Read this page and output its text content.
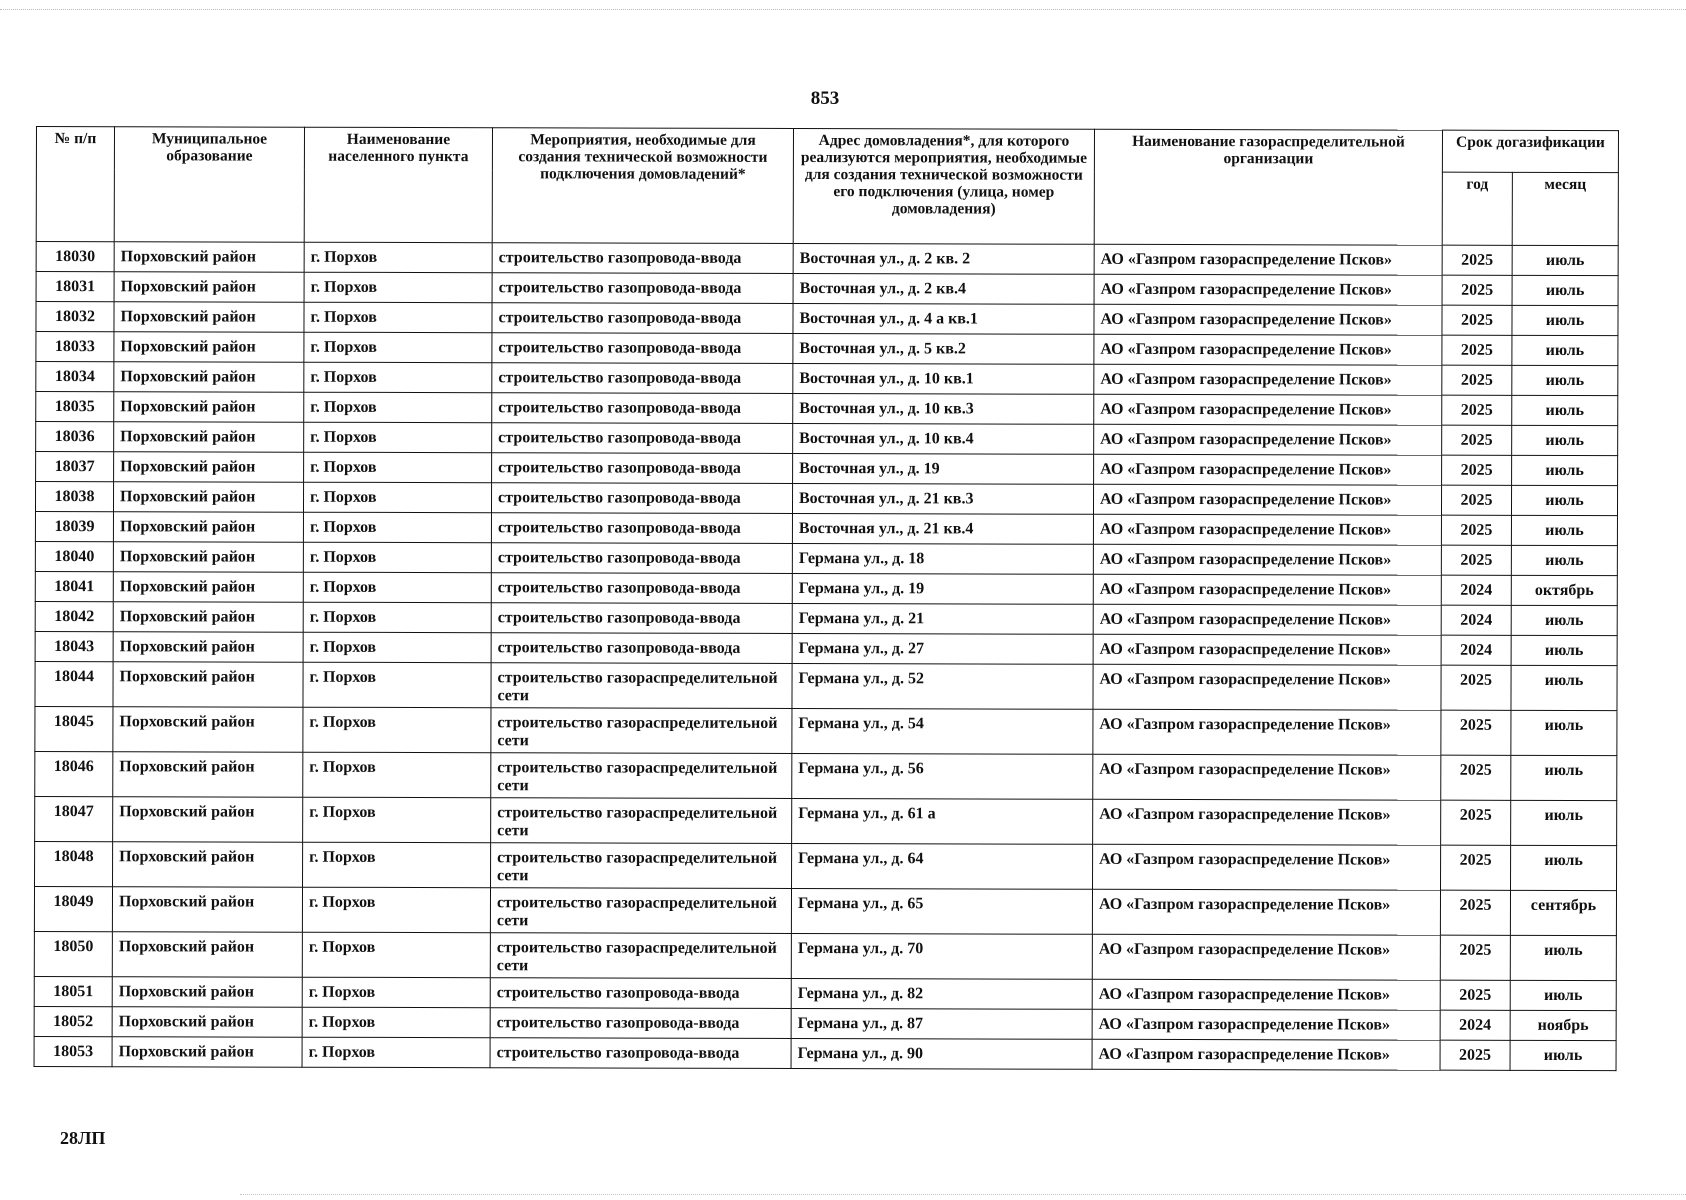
853
№ п/п	Муниципальное образование	Наименование населенного пункта	Мероприятия, необходимые для создания технической возможности подключения домовладений*	Адрес домовладения*, для которого реализуются мероприятия, необходимые для создания технической возможности его подключения (улица, номер домовладения)	Наименование газораспределительной организации	Срок догазификации	
						год	месяц
18030	Порховский район	г. Порхов	строительство газопровода-ввода	Восточная ул., д. 2 кв. 2	АО «Газпром газораспределение Псков»	2025	июль
18031	Порховский район	г. Порхов	строительство газопровода-ввода	Восточная ул., д. 2 кв.4	АО «Газпром газораспределение Псков»	2025	июль
18032	Порховский район	г. Порхов	строительство газопровода-ввода	Восточная ул., д. 4 а кв.1	АО «Газпром газораспределение Псков»	2025	июль
18033	Порховский район	г. Порхов	строительство газопровода-ввода	Восточная ул., д. 5 кв.2	АО «Газпром газораспределение Псков»	2025	июль
18034	Порховский район	г. Порхов	строительство газопровода-ввода	Восточная ул., д. 10 кв.1	АО «Газпром газораспределение Псков»	2025	июль
18035	Порховский район	г. Порхов	строительство газопровода-ввода	Восточная ул., д. 10 кв.3	АО «Газпром газораспределение Псков»	2025	июль
18036	Порховский район	г. Порхов	строительство газопровода-ввода	Восточная ул., д. 10 кв.4	АО «Газпром газораспределение Псков»	2025	июль
18037	Порховский район	г. Порхов	строительство газопровода-ввода	Восточная ул., д. 19	АО «Газпром газораспределение Псков»	2025	июль
18038	Порховский район	г. Порхов	строительство газопровода-ввода	Восточная ул., д. 21 кв.3	АО «Газпром газораспределение Псков»	2025	июль
18039	Порховский район	г. Порхов	строительство газопровода-ввода	Восточная ул., д. 21 кв.4	АО «Газпром газораспределение Псков»	2025	июль
18040	Порховский район	г. Порхов	строительство газопровода-ввода	Германа ул., д. 18	АО «Газпром газораспределение Псков»	2025	июль
18041	Порховский район	г. Порхов	строительство газопровода-ввода	Германа ул., д. 19	АО «Газпром газораспределение Псков»	2024	октябрь
18042	Порховский район	г. Порхов	строительство газопровода-ввода	Германа ул., д. 21	АО «Газпром газораспределение Псков»	2024	июль
18043	Порховский район	г. Порхов	строительство газопровода-ввода	Германа ул., д. 27	АО «Газпром газораспределение Псков»	2024	июль
18044	Порховский район	г. Порхов	строительство газораспределительной сети	Германа ул., д. 52	АО «Газпром газораспределение Псков»	2025	июль
18045	Порховский район	г. Порхов	строительство газораспределительной сети	Германа ул., д. 54	АО «Газпром газораспределение Псков»	2025	июль
18046	Порховский район	г. Порхов	строительство газораспределительной сети	Германа ул., д. 56	АО «Газпром газораспределение Псков»	2025	июль
18047	Порховский район	г. Порхов	строительство газораспределительной сети	Германа ул., д. 61 а	АО «Газпром газораспределение Псков»	2025	июль
18048	Порховский район	г. Порхов	строительство газораспределительной сети	Германа ул., д. 64	АО «Газпром газораспределение Псков»	2025	июль
18049	Порховский район	г. Порхов	строительство газораспределительной сети	Германа ул., д. 65	АО «Газпром газораспределение Псков»	2025	сентябрь
18050	Порховский район	г. Порхов	строительство газораспределительной сети	Германа ул., д. 70	АО «Газпром газораспределение Псков»	2025	июль
18051	Порховский район	г. Порхов	строительство газопровода-ввода	Германа ул., д. 82	АО «Газпром газораспределение Псков»	2025	июль
18052	Порховский район	г. Порхов	строительство газопровода-ввода	Германа ул., д. 87	АО «Газпром газораспределение Псков»	2024	ноябрь
18053	Порховский район	г. Порхов	строительство газопровода-ввода	Германа ул., д. 90	АО «Газпром газораспределение Псков»	2025	июль
28ЛП
